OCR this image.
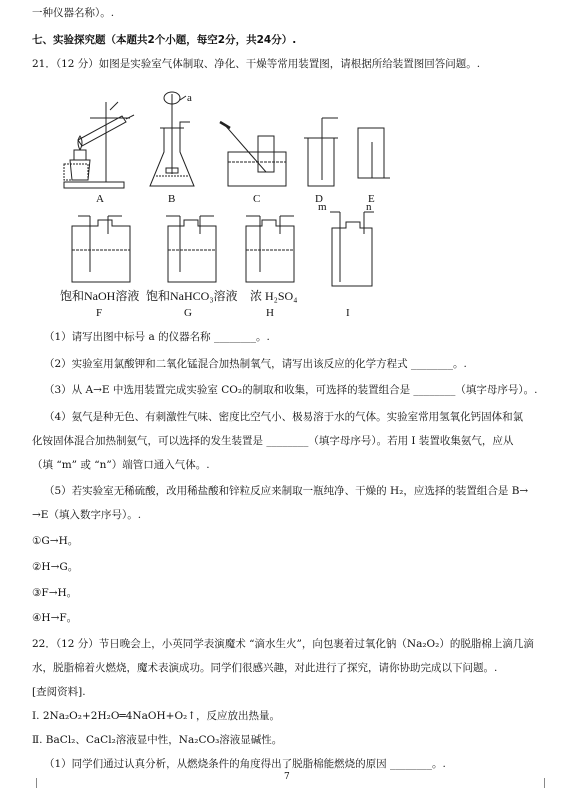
一种仪器名称）。.
七、实验探究题（本题共2个小题，每空2分，共24分）.
21．（12 分）如图是实验室气体制取、净化、干燥等常用装置图，请根据所给装置图回答问题。.
A
a
B	C	D	E
m	n
饱和NaOH溶液 饱和NaHCO₃溶液 浓 H₂SO₄
F	G	H	I
（1）请写出图中标号 a 的仪器名称 ________。.
（2）实验室用氯酸钾和二氧化锰混合加热制氧气，请写出该反应的化学方程式 ________。.
（3）从 A→E 中选用装置完成实验室 CO₂的制取和收集，可选择的装置组合是 ________（填字母序号）。.
（4）氨气是种无色、有刺激性气味、密度比空气小、极易溶于水的气体。实验室常用氢氧化钙固体和氯
化铵固体混合加热制氨气，可以选择的发生装置是 ________（填字母序号）。若用 I 装置收集氨气，应从
（填 “m” 或 “n”）端管口通入气体。.
（5）若实验室无稀硫酸，改用稀盐酸和锌粒反应来制取一瓶纯净、干燥的 H₂，应选择的装置组合是 B→
→E（填入数字序号）。.
①G→H。
②H→G。
③F→H。
④H→F。
22．（12 分）节日晚会上，小英同学表演魔术 “滴水生火”，向包裹着过氧化钠（Na₂O₂）的脱脂棉上滴几滴
水，脱脂棉着火燃烧，魔术表演成功。同学们很感兴趣，对此进行了探究，请你协助完成以下问题。.
[查阅资料].
Ⅰ. 2Na₂O₂+2H₂O═4NaOH+O₂↑，反应放出热量。
Ⅱ. BaCl₂、CaCl₂溶液显中性，Na₂CO₃溶液显碱性。
（1）同学们通过认真分析，从燃烧条件的角度得出了脱脂棉能燃烧的原因 ________。.
7
